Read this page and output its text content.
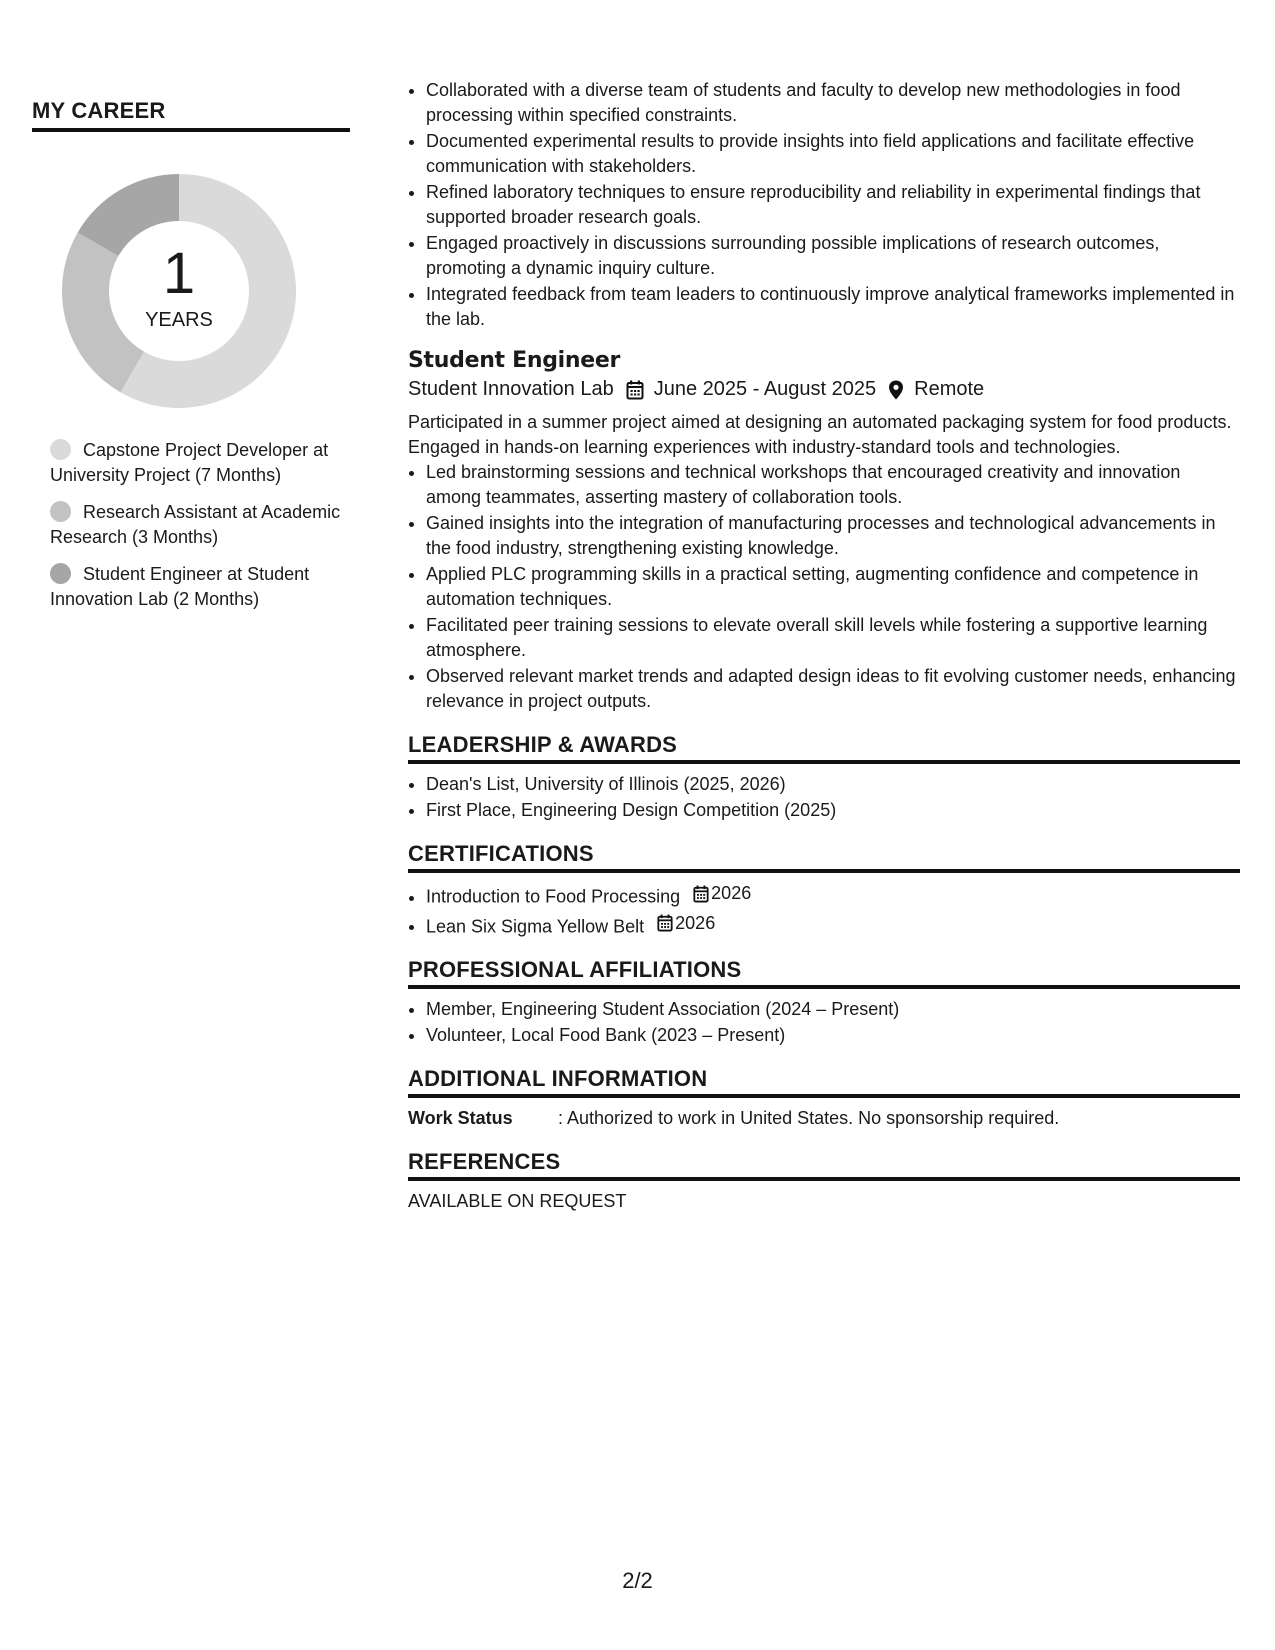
MY CAREER
1
YEARS
Capstone Project Developer at University Project (7 Months)
Research Assistant at Academic Research (3 Months)
Student Engineer at Student Innovation Lab (2 Months)
• Collaborated with a diverse team of students and faculty to develop new methodologies in food processing within specified constraints.
• Documented experimental results to provide insights into field applications and facilitate effective communication with stakeholders.
• Refined laboratory techniques to ensure reproducibility and reliability in experimental findings that supported broader research goals.
• Engaged proactively in discussions surrounding possible implications of research outcomes, promoting a dynamic inquiry culture.
• Integrated feedback from team leaders to continuously improve analytical frameworks implemented in the lab.
Student Engineer
Student Innovation Lab June 2025 - August 2025 Remote
Participated in a summer project aimed at designing an automated packaging system for food products. Engaged in hands-on learning experiences with industry-standard tools and technologies.
• Led brainstorming sessions and technical workshops that encouraged creativity and innovation among teammates, asserting mastery of collaboration tools.
• Gained insights into the integration of manufacturing processes and technological advancements in the food industry, strengthening existing knowledge.
• Applied PLC programming skills in a practical setting, augmenting confidence and competence in automation techniques.
• Facilitated peer training sessions to elevate overall skill levels while fostering a supportive learning atmosphere.
• Observed relevant market trends and adapted design ideas to fit evolving customer needs, enhancing relevance in project outputs.
LEADERSHIP & AWARDS
• Dean's List, University of Illinois (2025, 2026)
• First Place, Engineering Design Competition (2025)
CERTIFICATIONS
• Introduction to Food Processing 2026
• Lean Six Sigma Yellow Belt 2026
PROFESSIONAL AFFILIATIONS
• Member, Engineering Student Association (2024 – Present)
• Volunteer, Local Food Bank (2023 – Present)
ADDITIONAL INFORMATION
Work Status	: Authorized to work in United States. No sponsorship required.
REFERENCES
AVAILABLE ON REQUEST
2/2
